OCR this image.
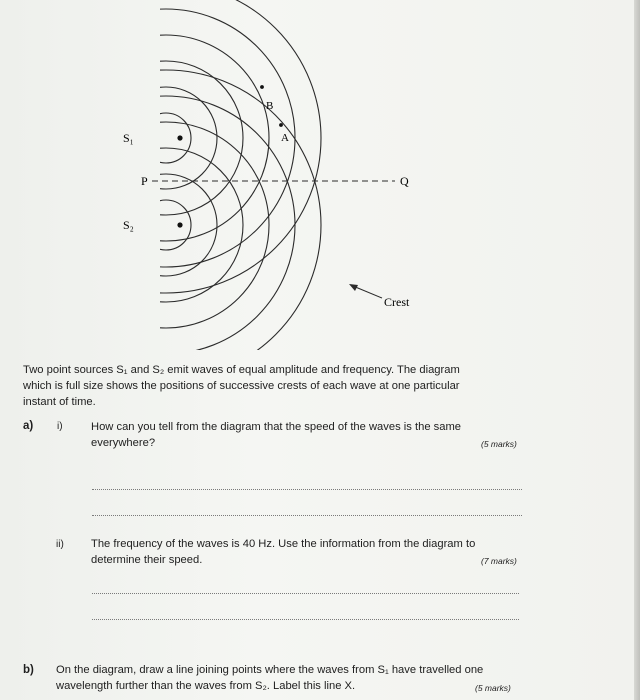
S₁
S₂
P	Q
A
B
Crest
Two point sources S₁ and S₂ emit waves of equal amplitude and frequency. The diagram
which is full size shows the positions of successive crests of each wave at one particular
instant of time.
a) i)	How can you tell from the diagram that the speed of the waves is the same
everywhere?	(5 marks)
ii) The frequency of the waves is 40 Hz. Use the information from the diagram to
determine their speed.	(7 marks)
b) On the diagram, draw a line joining points where the waves from S₁ have travelled one
wavelength further than the waves from S₂. Label this line X.	(5 marks)
